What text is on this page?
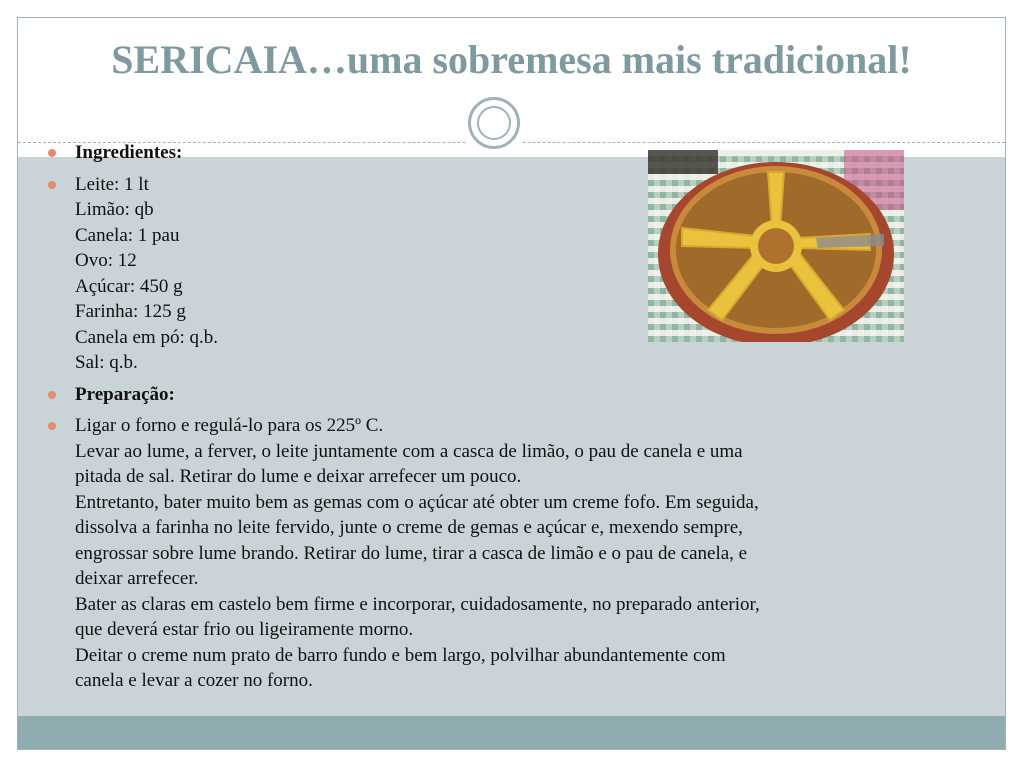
SERICAIA…uma sobremesa mais tradicional!
Ingredientes:
Leite: 1 lt
Limão: qb
Canela: 1 pau
Ovo: 12
Açúcar: 450 g
Farinha: 125 g
Canela em pó: q.b.
Sal: q.b.
Preparação:
Ligar o forno e regulá-lo para os 225º C.
Levar ao lume, a ferver, o leite juntamente com a casca de limão, o pau de canela e uma
pitada de sal. Retirar do lume e deixar arrefecer um pouco.
Entretanto, bater muito bem as gemas com o açúcar até obter um creme fofo. Em seguida,
dissolva a farinha no leite fervido, junte o creme de gemas e açúcar e, mexendo sempre,
engrossar sobre lume brando. Retirar do lume, tirar a casca de limão e o pau de canela, e
deixar arrefecer.
Bater as claras em castelo bem firme e incorporar, cuidadosamente, no preparado anterior,
que deverá estar frio ou ligeiramente morno.
Deitar o creme num prato de barro fundo e bem largo, polvilhar abundantemente com
canela e levar a cozer no forno.
